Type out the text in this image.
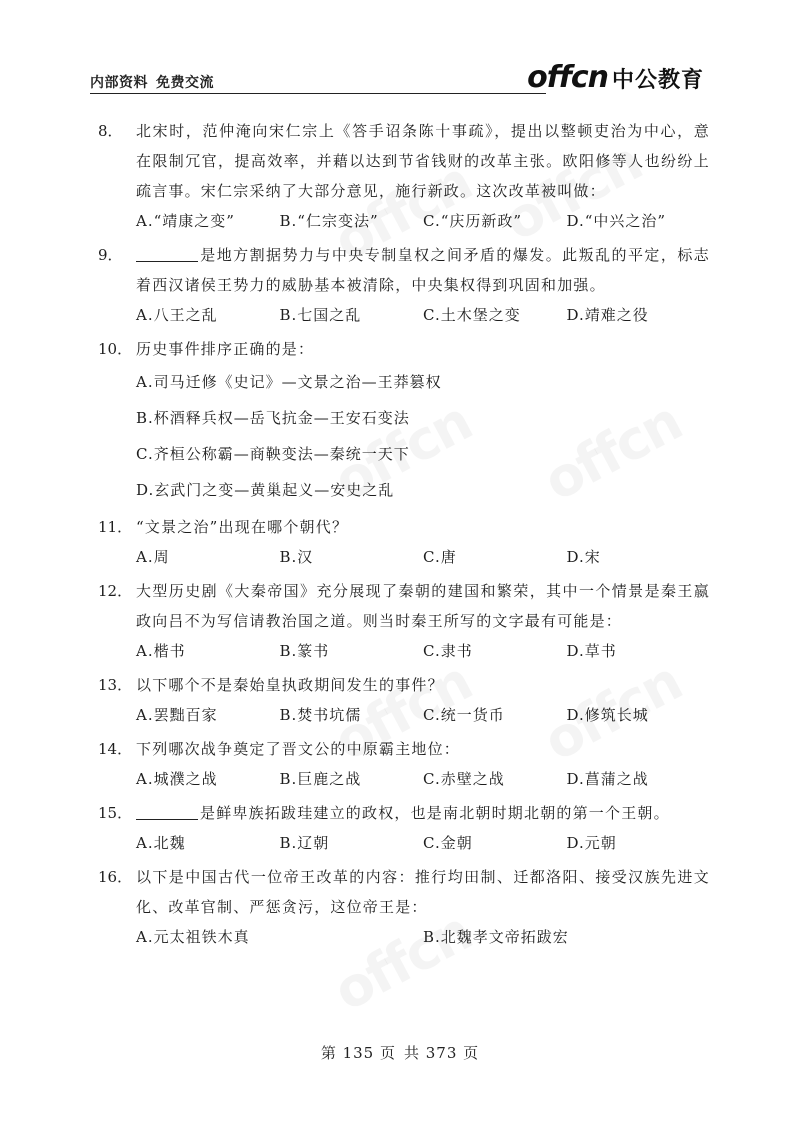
内部资料 免费交流	offcn 中公教育
8． 北宋时，范仲淹向宋仁宗上《答手诏条陈十事疏》，提出以整顿吏治为中心，意在限制冗官，提高效率，并藉以达到节省钱财的改革主张。欧阳修等人也纷纷上疏言事。宋仁宗采纳了大部分意见，施行新政。这次改革被叫做：
A.“靖康之变”	B.“仁宗变法”	C.“庆历新政”	D.“中兴之治”
9．	是地方割据势力与中央专制皇权之间矛盾的爆发。此叛乱的平定，标志着西汉诸侯王势力的威胁基本被清除，中央集权得到巩固和加强。
A.八王之乱	B.七国之乱	C.土木堡之变	D.靖难之役
10． 历史事件排序正确的是：
A.司马迁修《史记》—文景之治—王莽篡权
B.杯酒释兵权—岳飞抗金—王安石变法
C.齐桓公称霸—商鞅变法—秦统一天下
D.玄武门之变—黄巢起义—安史之乱
11． “文景之治”出现在哪个朝代？
A.周	B.汉	C.唐	D.宋
12． 大型历史剧《大秦帝国》充分展现了秦朝的建国和繁荣，其中一个情景是秦王嬴政向吕不为写信请教治国之道。则当时秦王所写的文字最有可能是：
A.楷书	B.篆书	C.隶书	D.草书
13． 以下哪个不是秦始皇执政期间发生的事件？
A.罢黜百家	B.焚书坑儒	C.统一货币	D.修筑长城
14． 下列哪次战争奠定了晋文公的中原霸主地位：
A.城濮之战	B.巨鹿之战	C.赤壁之战	D.菖蒲之战
15．	是鲜卑族拓跋珪建立的政权，也是南北朝时期北朝的第一个王朝。
A.北魏	B.辽朝	C.金朝	D.元朝
16． 以下是中国古代一位帝王改革的内容：推行均田制、迁都洛阳、接受汉族先进文化、改革官制、严惩贪污，这位帝王是：
A.元太祖铁木真	B.北魏孝文帝拓跋宏
第 135 页 共 373 页
